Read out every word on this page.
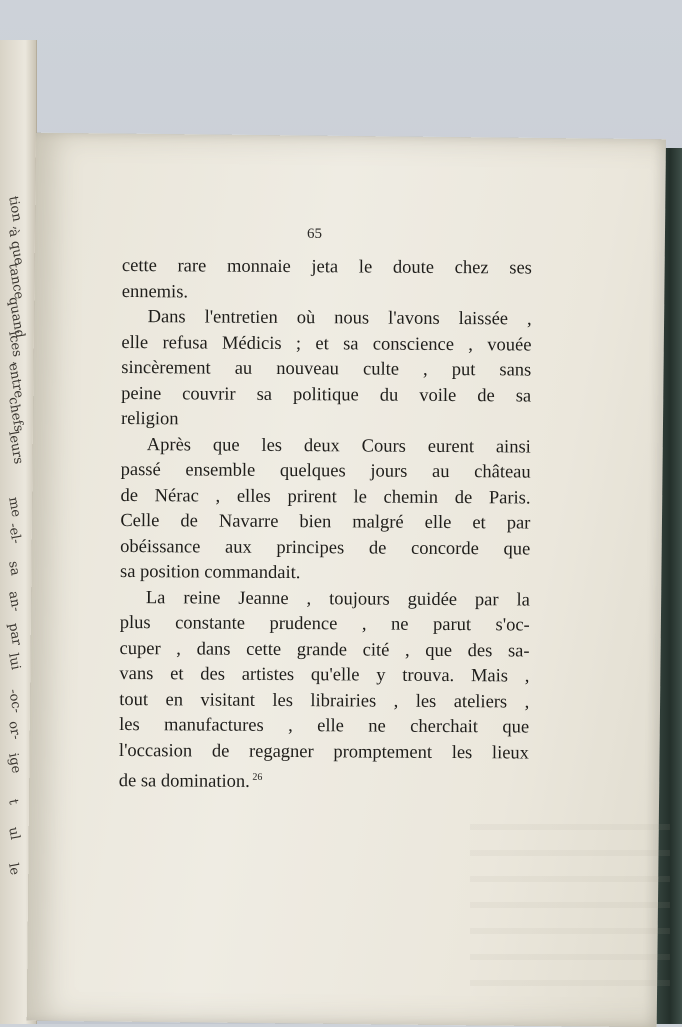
tion ,
à que
tance
quand
ices ,
entre
chefs
leurs
me
-el-
sa
an-
par
lui
-oc-
or-
ige
t
ul
le
65

cette rare monnaie jeta le doute chez ses
ennemis.

Dans l'entretien où nous l'avons laissée ,
elle refusa Médicis ; et sa conscience , vouée
sincèrement au nouveau culte , put sans
peine couvrir sa politique du voile de sa
religion

Après que les deux Cours eurent ainsi
passé ensemble quelques jours au château
de Nérac , elles prirent le chemin de Paris.
Celle de Navarre bien malgré elle et par
obéissance aux principes de concorde que
sa position commandait.

La reine Jeanne , toujours guidée par la
plus constante prudence , ne parut s'oc-
cuper , dans cette grande cité , que des sa-
vans et des artistes qu'elle y trouva. Mais ,
tout en visitant les librairies , les ateliers ,
les manufactures , elle ne cherchait que
l'occasion de regagner promptement les lieux
de sa domination. $^{26}$
